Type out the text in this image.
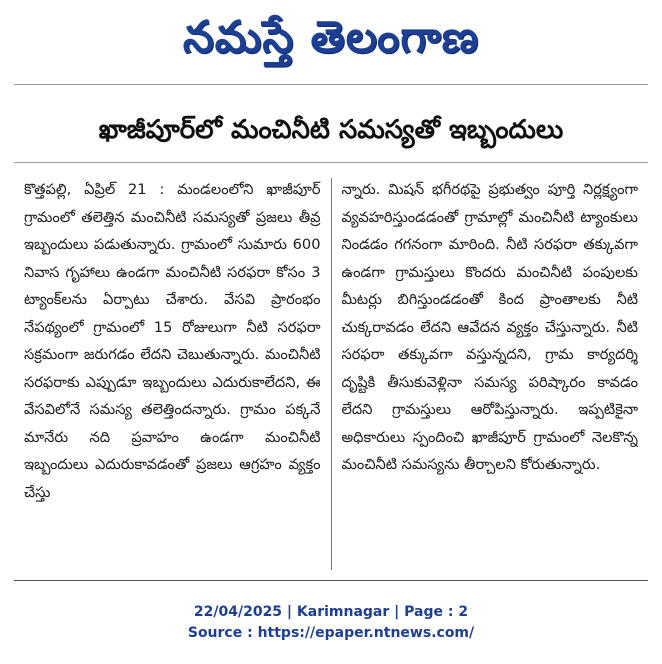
నమస్తే తెలంగాణ
ఖాజీపూర్‌లో మంచినీటి సమస్యతో ఇబ్బందులు

కొత్తపల్లి, ఏప్రిల్ 21 : మండలంలోని ఖాజీపూర్ గ్రామంలో తలెత్తిన మంచినీటి సమస్యతో ప్రజలు తీవ్ర ఇబ్బందులు పడుతున్నారు. గ్రామంలో సుమారు 600 నివాస గృహాలు ఉండగా మంచినీటి సరఫరా కోసం 3 ట్యాంక్‌లను ఏర్పాటు చేశారు. వేసవి ప్రారంభం నేపథ్యంలో గ్రామంలో 15 రోజులుగా నీటి సరఫరా సక్రమంగా జరుగడం లేదని చెబుతున్నారు. మంచినీటి సరఫరాకు ఎప్పుడూ ఇబ్బందులు ఎదురుకాలేదని, ఈ వేసవిలోనే సమస్య తలెత్తిందన్నారు. గ్రామం పక్కనే మానేరు నది ప్రవాహం ఉండగా మంచినీటి ఇబ్బందులు ఎదురుకావడంతో ప్రజలు ఆగ్రహం వ్యక్తం చేస్తు

న్నారు. మిషన్ భగీరథపై ప్రభుత్వం పూర్తి నిర్లక్ష్యంగా వ్యవహరిస్తుండడంతో గ్రామాల్లో మంచినీటి ట్యాంకులు నిండడం గగనంగా మారింది. నీటి సరఫరా తక్కువగా ఉండగా గ్రామస్తులు కొందరు మంచినీటి పంపులకు మీటర్లు బిగిస్తుండడంతో కింద ప్రాంతాలకు నీటి చుక్కరావడం లేదని ఆవేదన వ్యక్తం చేస్తున్నారు. నీటి సరఫరా తక్కువగా వస్తున్నదని, గ్రామ కార్యదర్శి దృష్టికి తీసుకువెళ్లినా సమస్య పరిష్కారం కావడం లేదని గ్రామస్తులు ఆరోపిస్తున్నారు. ఇప్పటికైనా అధికారులు స్పందించి ఖాజీపూర్ గ్రామంలో నెలకొన్న మంచినీటి సమస్యను తీర్చాలని కోరుతున్నారు.

22/04/2025 | Karimnagar | Page : 2
Source : https://epaper.ntnews.com/
